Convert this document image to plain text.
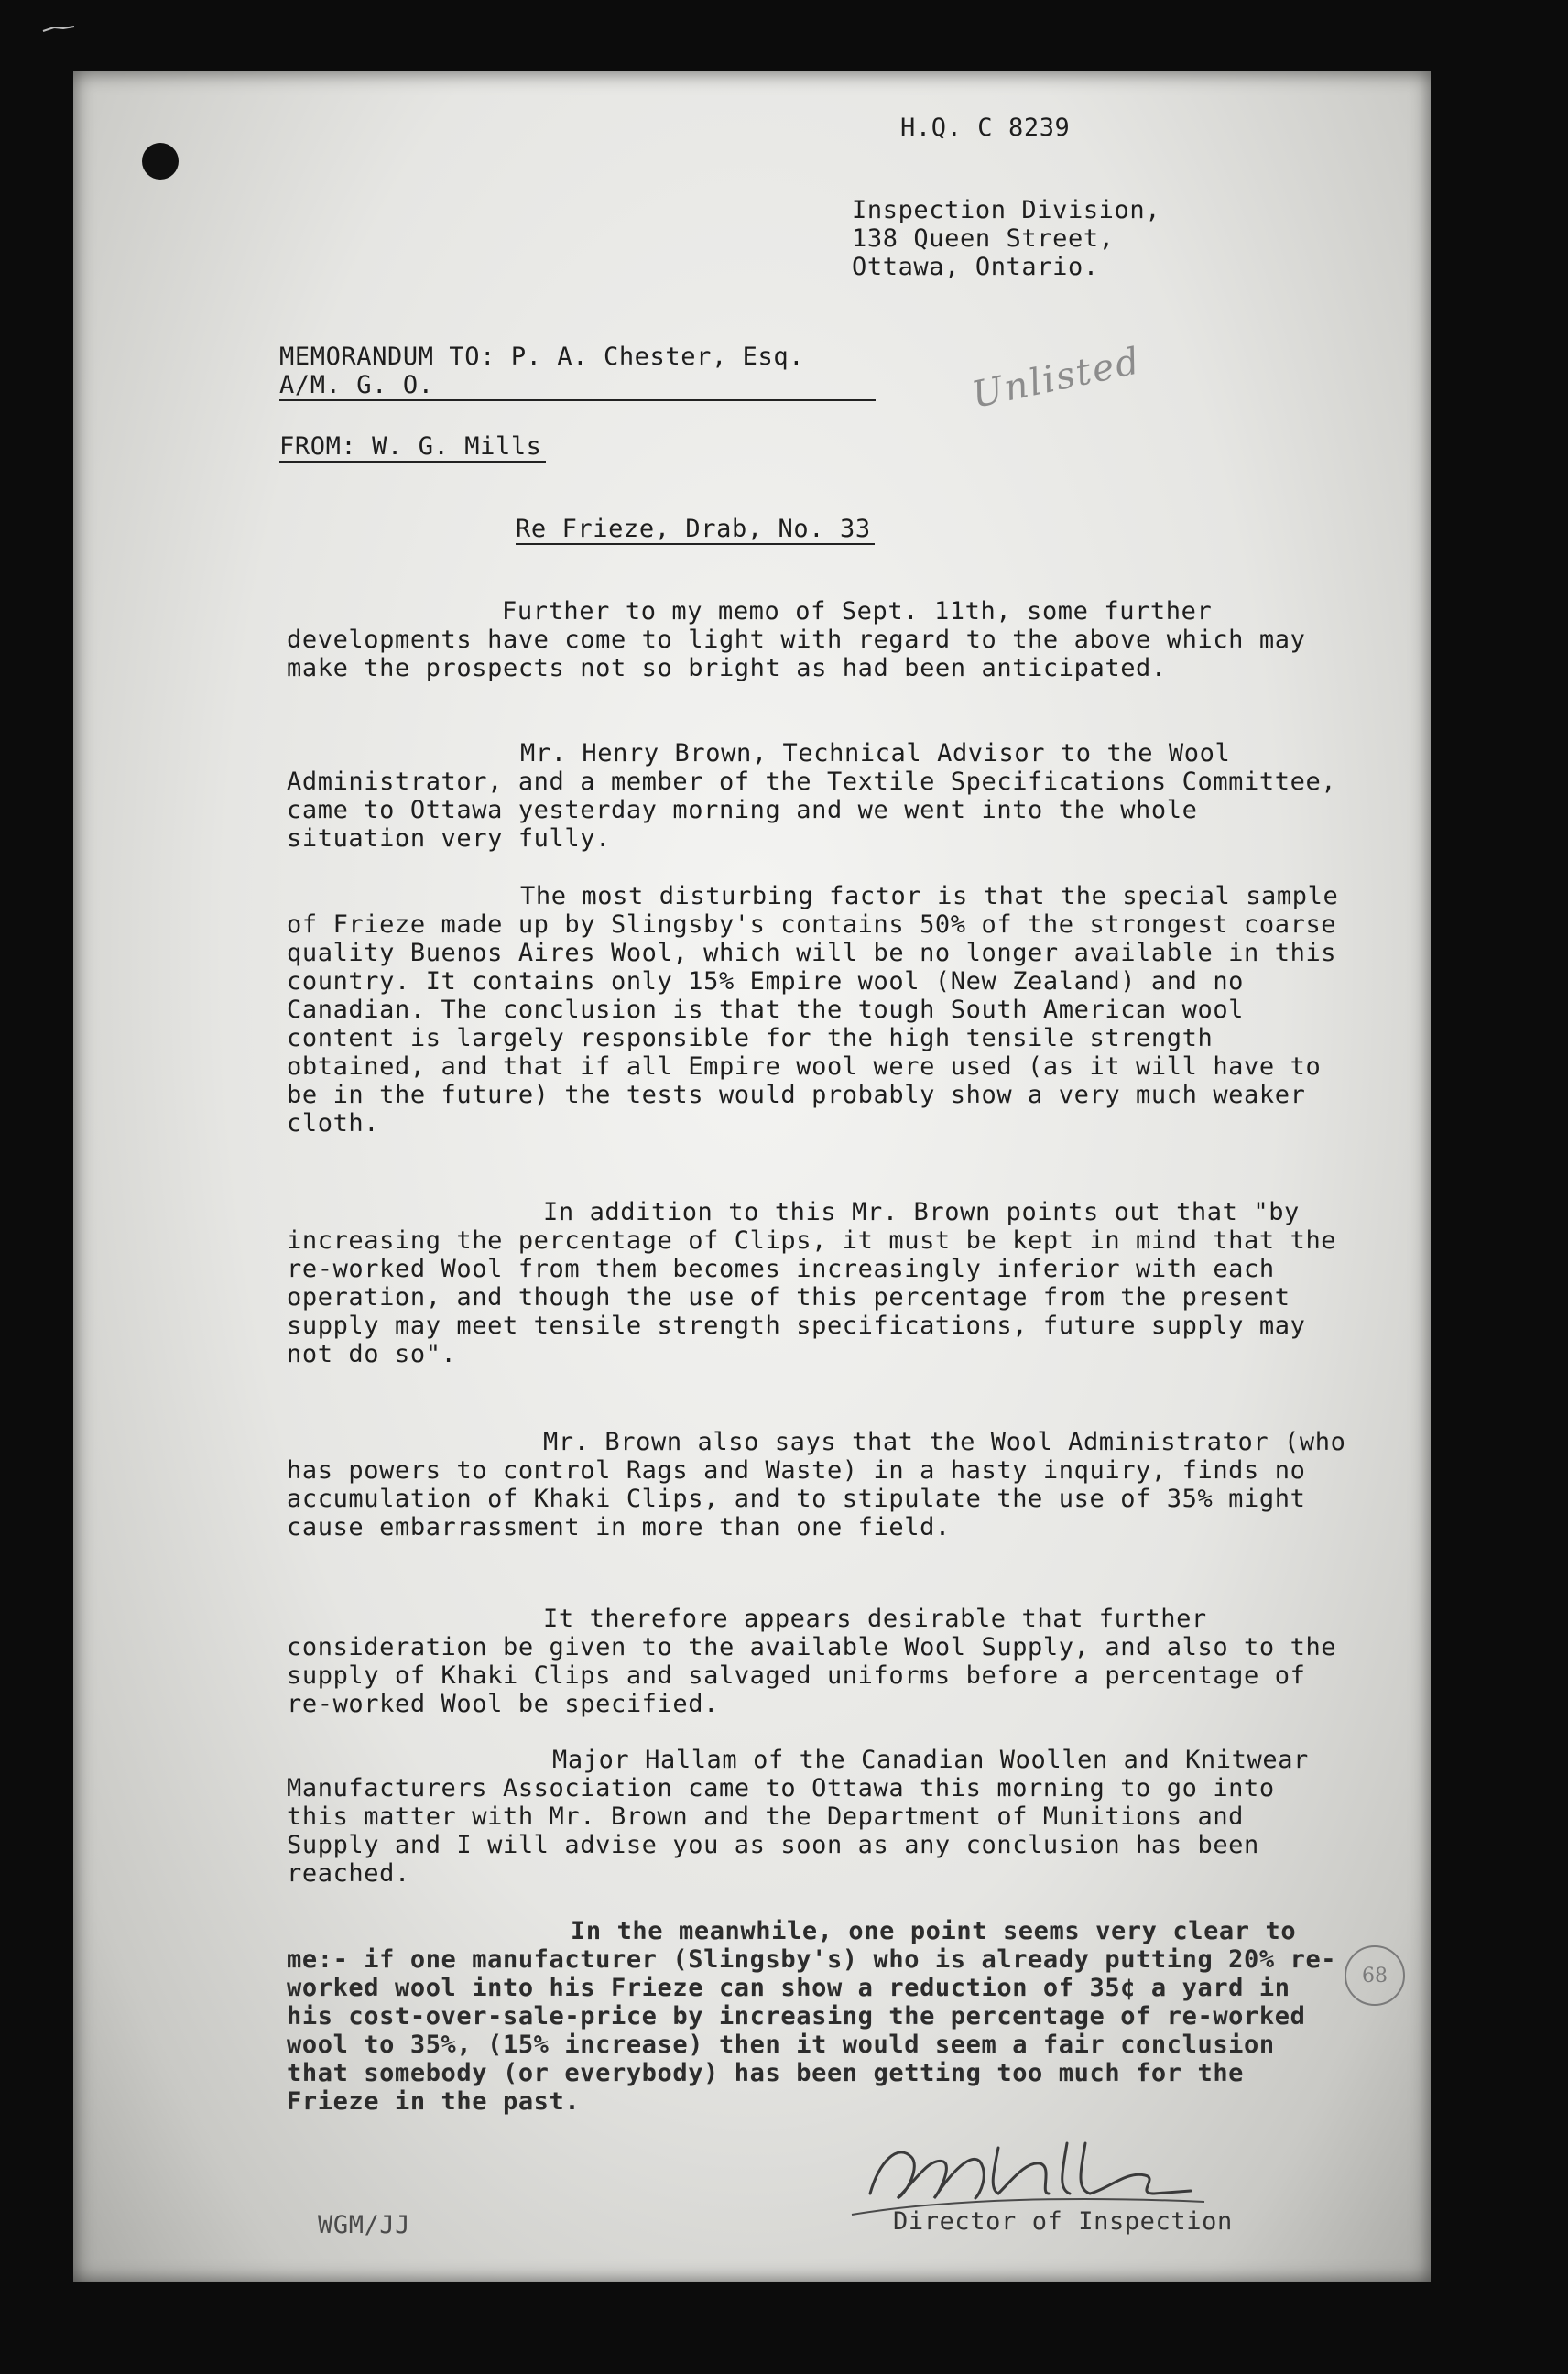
H.Q. C 8239
Inspection Division,
138 Queen Street,
Ottawa, Ontario.
MEMORANDUM TO: P. A. Chester, Esq.
A/M. G. O.	Unlisted
FROM: W. G. Mills
Re Frieze, Drab, No. 33

Further to my memo of Sept. 11th, some further developments have come to light with regard to the above which may make the prospects not so bright as had been anticipated.

Mr. Henry Brown, Technical Advisor to the Wool Administrator, and a member of the Textile Specifications Committee, came to Ottawa yesterday morning and we went into the whole situation very fully.

The most disturbing factor is that the special sample of Frieze made up by Slingsby's contains 50% of the strongest coarse quality Buenos Aires Wool, which will be no longer available in this country. It contains only 15% Empire wool (New Zealand) and no Canadian. The conclusion is that the tough South American wool content is largely responsible for the high tensile strength obtained, and that if all Empire wool were used (as it will have to be in the future) the tests would probably show a very much weaker cloth.

In addition to this Mr. Brown points out that "by increasing the percentage of Clips, it must be kept in mind that the re-worked Wool from them becomes increasingly inferior with each operation, and though the use of this percentage from the present supply may meet tensile strength specifications, future supply may not do so".

Mr. Brown also says that the Wool Administrator (who has powers to control Rags and Waste) in a hasty inquiry, finds no accumulation of Khaki Clips, and to stipulate the use of 35% might cause embarrassment in more than one field.

It therefore appears desirable that further consideration be given to the available Wool Supply, and also to the supply of Khaki Clips and salvaged uniforms before a percentage of re-worked Wool be specified.

Major Hallam of the Canadian Woollen and Knitwear Manufacturers Association came to Ottawa this morning to go into this matter with Mr. Brown and the Department of Munitions and Supply and I will advise you as soon as any conclusion has been reached.

In the meanwhile, one point seems very clear to me:- if one manufacturer (Slingsby's) who is already putting 20% re-worked wool into his Frieze can show a reduction of 35¢ a yard in his cost-over-sale-price by increasing the percentage of re-worked wool to 35%, (15% increase) then it would seem a fair conclusion that somebody (or everybody) has been getting too much for the Frieze in the past.

68
WGM/JJ	Director of Inspection
